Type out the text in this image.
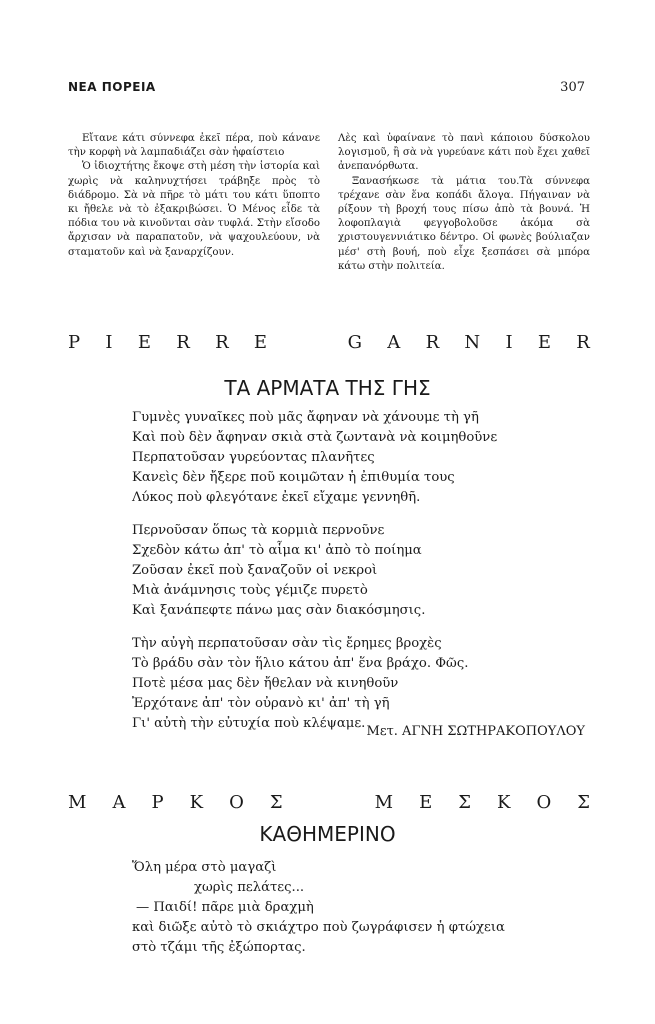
ΝΕΑ ΠΟΡΕΙΑ	307

Εἴτανε κάτι σύννεφα ἐκεῖ πέρα, ποὺ κάνανε τὴν κορφὴ νὰ λαμπαδιάζει σὰν ἡφαίστειο

Ὁ ἰδιοχτήτης ἔκοψε στὴ μέση τὴν ἱστορία καὶ χωρὶς νὰ καληνυχτήσει τράβηξε πρὸς τὸ διάδρομο. Σὰ νὰ πῆρε τὸ μάτι του κάτι ὕποπτο κι ἤθελε νὰ τὸ ἐξακριβώσει. Ὁ Μένος εἶδε τὰ πόδια του νὰ κινοῦνται σὰν τυφλά. Στὴν εἴσοδο ἄρχισαν νὰ παραπατοῦν, νὰ ψαχουλεύουν, νὰ σταματοῦν καὶ νὰ ξαναρχίζουν.

Λὲς καὶ ὑφαίνανε τὸ πανὶ κάποιου δύσκολου λογισμοῦ, ἢ σὰ νὰ γυρεύανε κάτι ποὺ ἔχει χαθεῖ ἀνεπανόρθωτα.

Ξανασήκωσε τὰ μάτια του.Τὰ σύννεφα τρέχανε σὰν ἕνα κοπάδι ἄλογα. Πήγαιναν νὰ ρίξουν τὴ βροχή τους πίσω ἀπὸ τὰ βουνά. Ἡ λοφοπλαγιὰ φεγγοβολοῦσε ἀκόμα σὰ χριστουγεννιάτικο δέντρο. Οἱ φωνὲς βούλιαζαν μέσ' στὴ βουή, ποὺ εἶχε ξεσπάσει σὰ μπόρα κάτω στὴν πολιτεία.

P I E R R E	G A R N I E R
ΤΑ ΑΡΜΑΤΑ ΤΗΣ ΓΗΣ
Γυμνὲς γυναῖκες ποὺ μᾶς ἄφηναν νὰ χάνουμε τὴ γῆ
Καὶ ποὺ δὲν ἄφηναν σκιὰ στὰ ζωντανὰ νὰ κοιμηθοῦνε
Περπατοῦσαν γυρεύοντας πλανῆτες
Κανεὶς δὲν ἤξερε ποῦ κοιμῶταν ἡ ἐπιθυμία τους
Λύκος ποὺ φλεγότανε ἐκεῖ εἴχαμε γεννηθῆ.
Περνοῦσαν ὅπως τὰ κορμιὰ περνοῦνε
Σχεδὸν κάτω ἀπ' τὸ αἷμα κι' ἀπὸ τὸ ποίημα
Ζοῦσαν ἐκεῖ ποὺ ξαναζοῦν οἱ νεκροὶ
Μιὰ ἀνάμνησις τοὺς γέμιζε πυρετὸ
Καὶ ξανάπεφτε πάνω μας σὰν διακόσμησις.
Τὴν αὐγὴ περπατοῦσαν σὰν τὶς ἔρημες βροχὲς
Τὸ βράδυ σὰν τὸν ἥλιο κάτου ἀπ' ἕνα βράχο. Φῶς.
Ποτὲ μέσα μας δὲν ἤθελαν νὰ κινηθοῦν
Ἐρχότανε ἀπ' τὸν οὐρανὸ κι' ἀπ' τὴ γῆ
Γι' αὐτὴ τὴν εὐτυχία ποὺ κλέψαμε.
Μετ. ΑΓΝΗ ΣΩΤΗΡΑΚΟΠΟΥΛΟΥ
Μ Α Ρ Κ Ο Σ	Μ Ε Σ Κ Ο Σ
ΚΑΘΗΜΕΡΙΝΟ
Ὅλη μέρα στὸ μαγαζὶ
χωρὶς πελάτες...
— Παιδί! πᾶρε μιὰ δραχμὴ
καὶ διῶξε αὐτὸ τὸ σκιάχτρο ποὺ ζωγράφισεν ἡ φτώχεια
στὸ τζάμι τῆς ἐξώπορτας.
